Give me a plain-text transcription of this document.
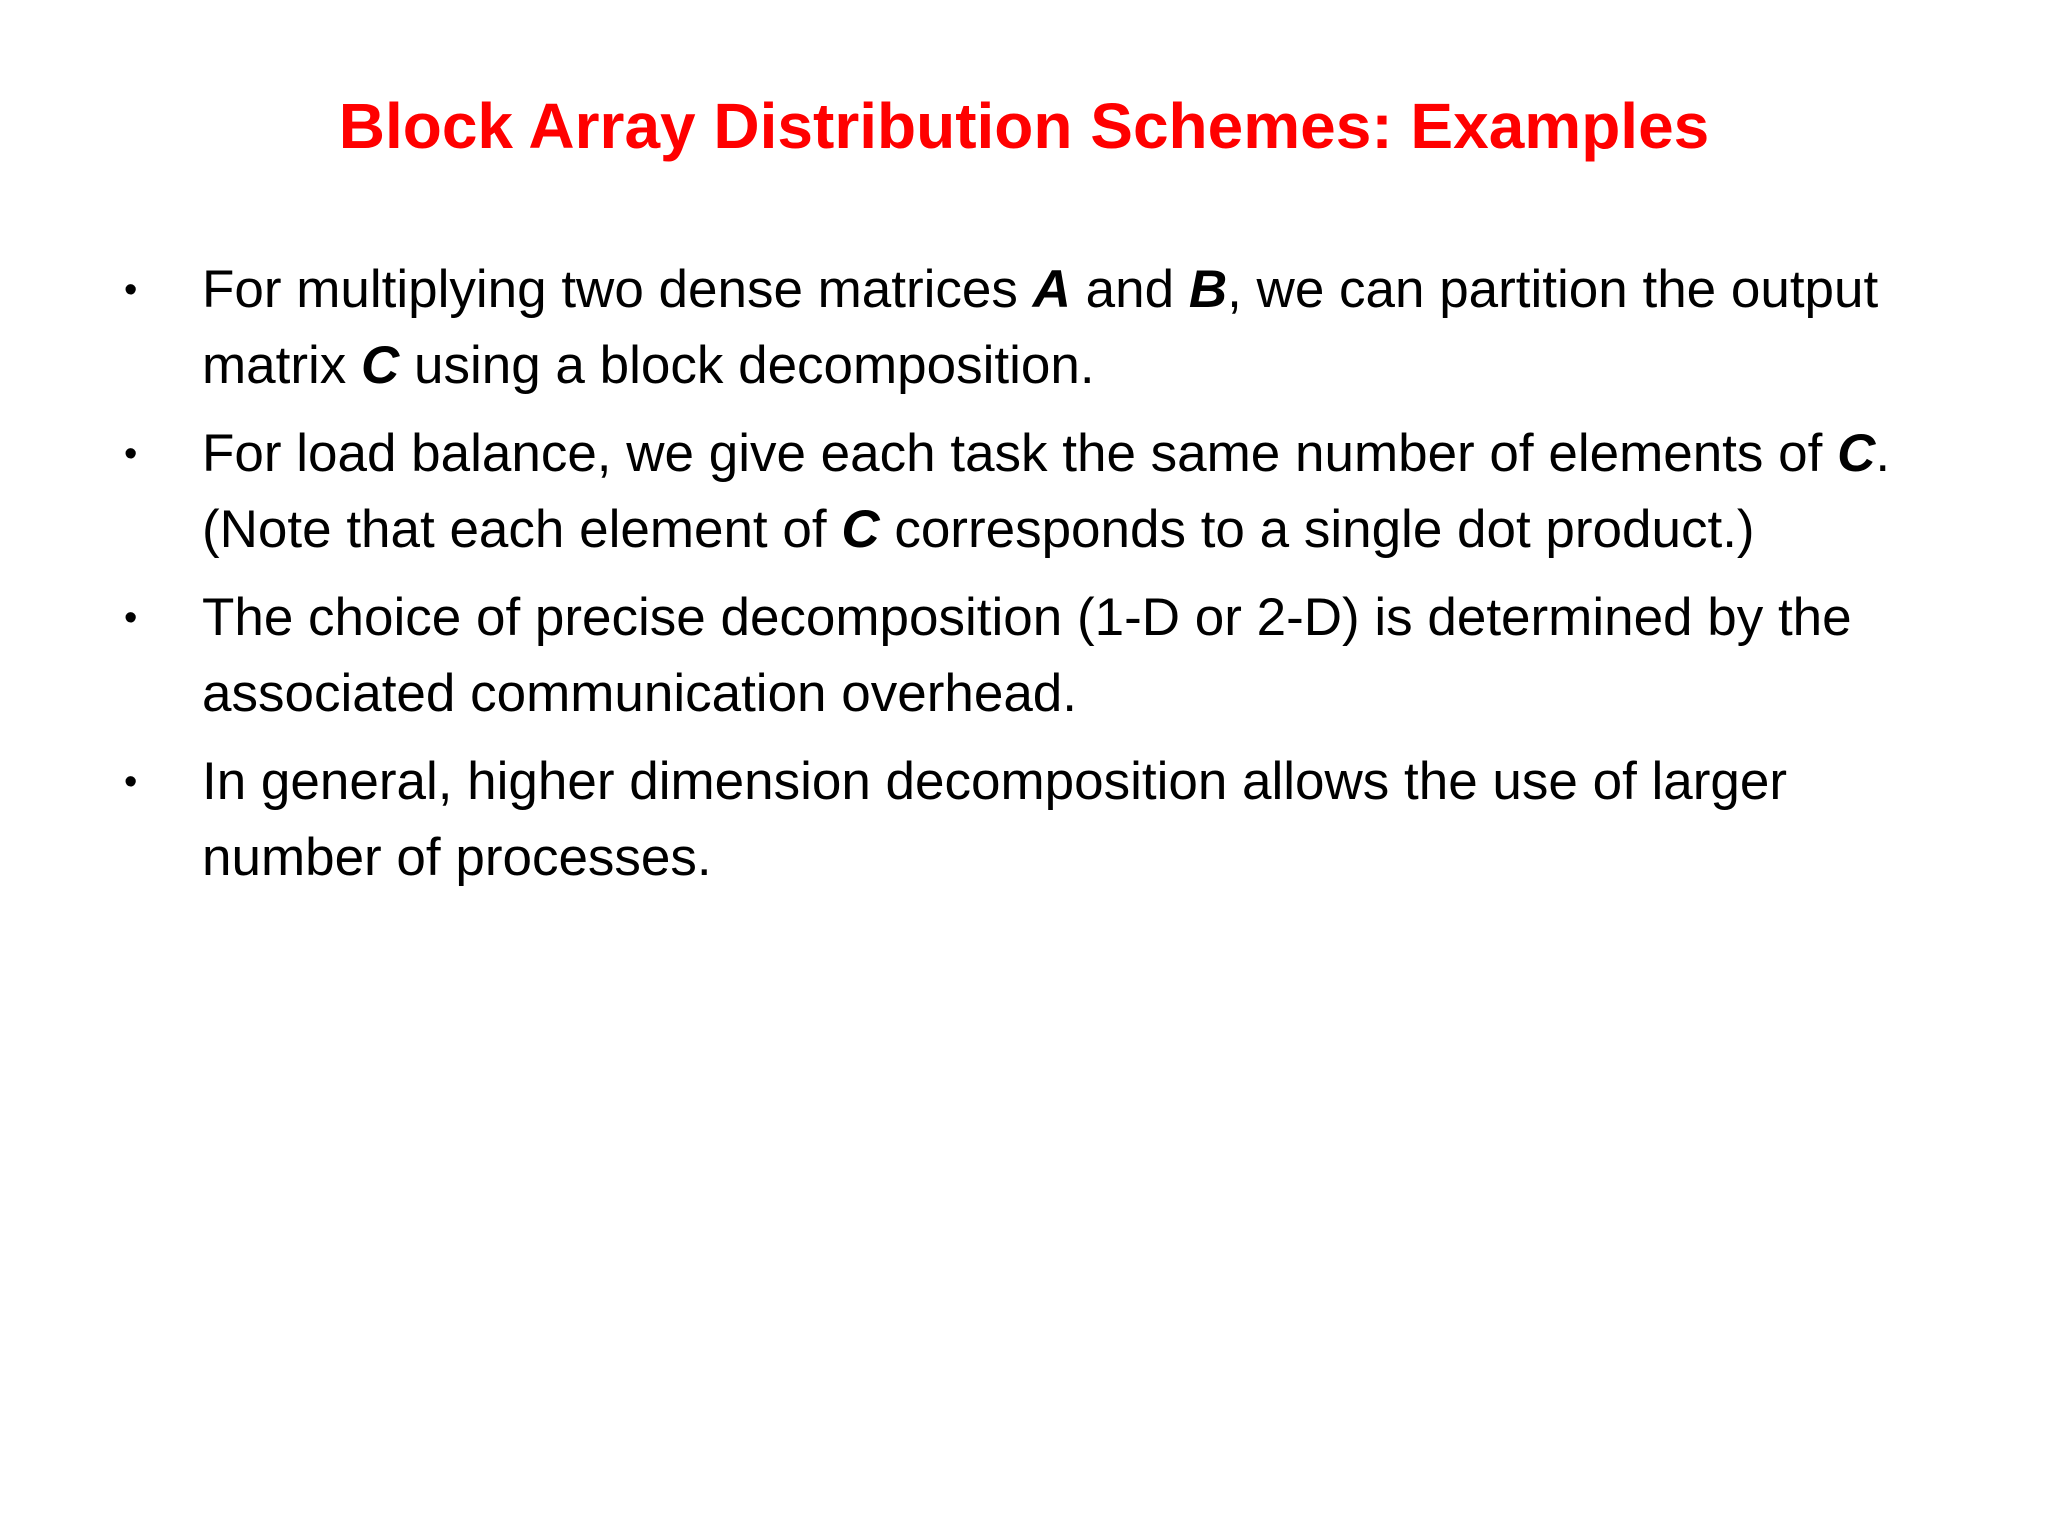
Block Array Distribution Schemes: Examples
•	For multiplying two dense matrices A and B, we can partition the output matrix C using a block decomposition.
•	For load balance, we give each task the same number of elements of C. (Note that each element of C corresponds to a single dot product.)
•	The choice of precise decomposition (1-D or 2-D) is determined by the associated communication overhead.
•	In general, higher dimension decomposition allows the use of larger number of processes.
